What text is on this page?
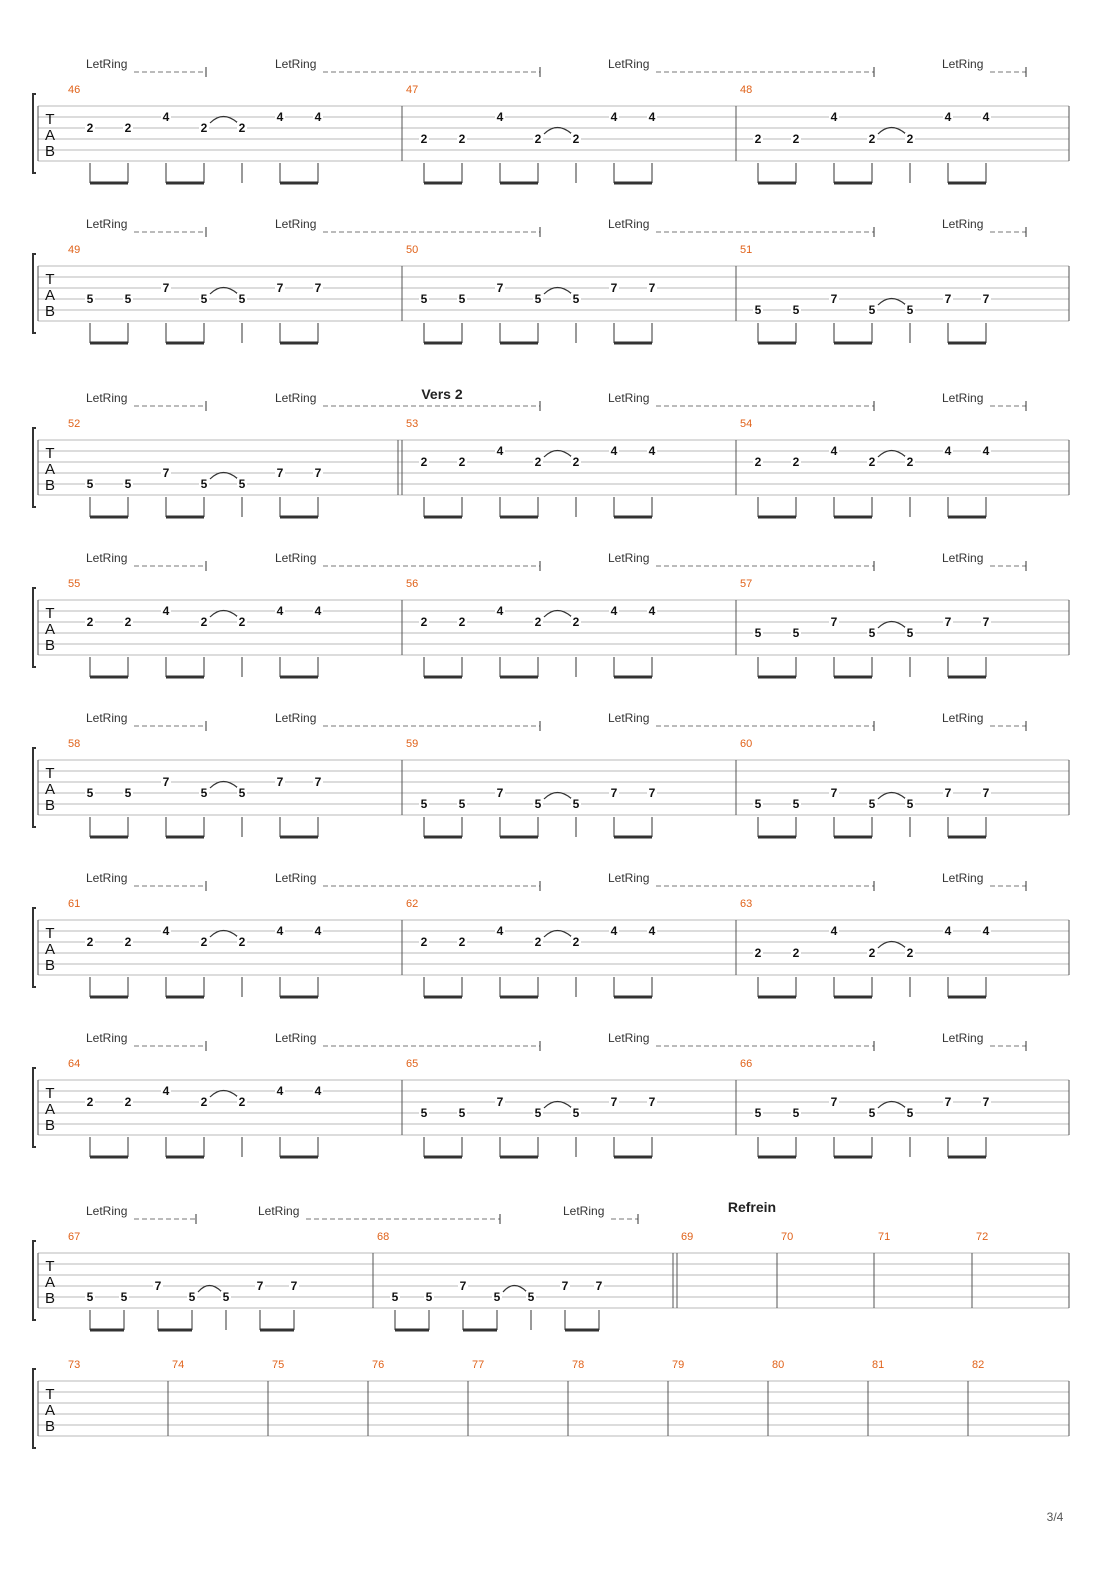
T
A
B
LetRing	LetRing	LetRing	LetRing
46
2	2
4
2	2
4	4
47
2	2
4
2	2
4	4
48
2	2
4
2	2
4	4
T
A
B
LetRing	LetRing	LetRing	LetRing
49
5	5
7
5	5
7	7
50
5	5
7
5	5
7	7
51
5	5
7
5	5
7	7
T
A
B
LetRing	LetRing	LetRing	LetRing
52
5	5
7
5	5
7	7
53
2	2
4
2	2
4	4
54
2	2
4
2	2
4	4
T
A
B
LetRing	LetRing	LetRing	LetRing
55
2	2
4
2	2
4	4
56
2	2
4
2	2
4	4
57
5	5
7
5	5
7	7
T
A
B
LetRing	LetRing	LetRing	LetRing
58
5	5
7
5	5
7	7
59
5	5
7
5	5
7	7
60
5	5
7
5	5
7	7
T
A
B
LetRing	LetRing	LetRing	LetRing
61
2	2
4
2	2
4	4
62
2	2
4
2	2
4	4
63
2	2
4
2	2
4	4
T
A
B
LetRing	LetRing	LetRing	LetRing
64
2	2
4
2	2
4	4
65
5	5
7
5	5
7	7
66
5	5
7
5	5
7	7
T
A
B
LetRing	LetRing	LetRing
67
5 5
7
5 5
7 7
68
5 5
7
5 5
7 7
69	70	71	72
T
A
B
73	74	75	76	77	78	79	80	81	82
Vers 2
Refrein
3/4
